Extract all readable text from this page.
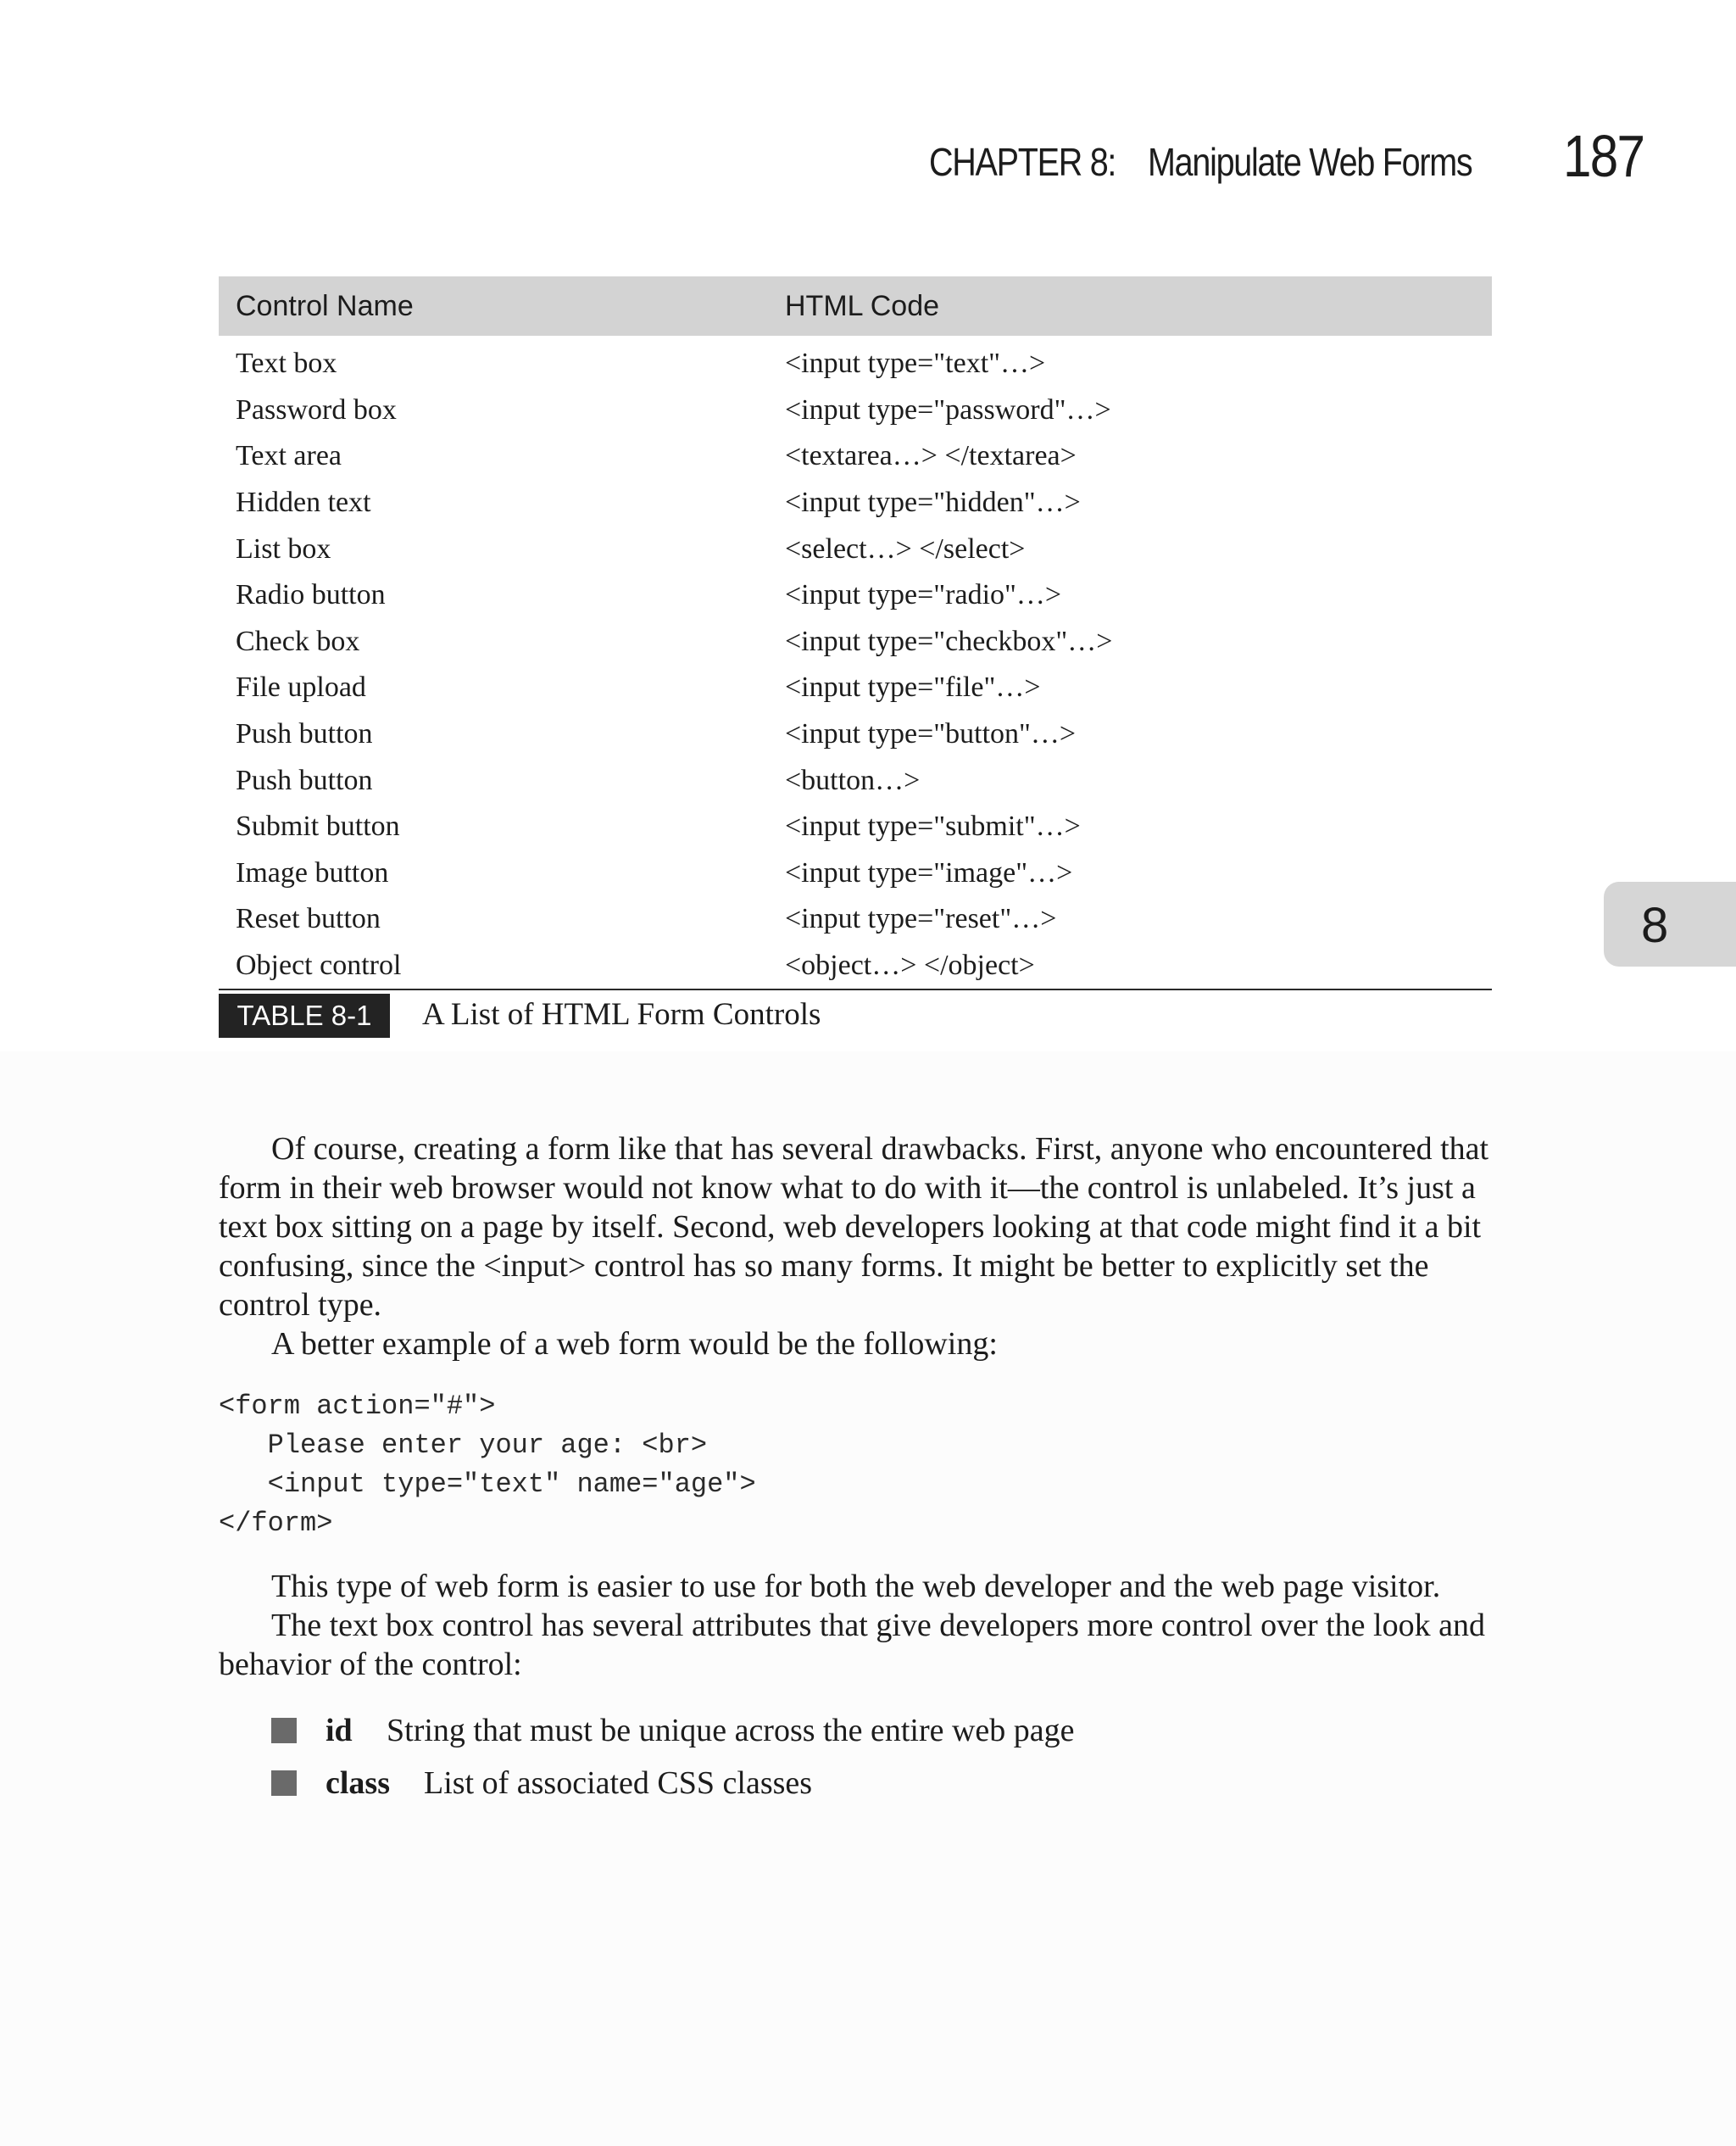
CHAPTER 8: Manipulate Web Forms 187
Control Name	HTML Code
Text box	<input type="text"…>
Password box	<input type="password"…>
Text area	<textarea…> </textarea>
Hidden text	<input type="hidden"…>
List box	<select…> </select>
Radio button	<input type="radio"…>
Check box	<input type="checkbox"…>
File upload	<input type="file"…>
Push button	<input type="button"…>
Push button	<button…>
Submit button	<input type="submit"…>
Image button	<input type="image"…>
Reset button	<input type="reset"…>
Object control	<object…> </object>
TABLE 8-1	A List of HTML Form Controls

Of course, creating a form like that has several drawbacks. First, anyone who encountered that form in their web browser would not know what to do with it—the control is unlabeled. It’s just a text box sitting on a page by itself. Second, web developers looking at that code might find it a bit confusing, since the <input> control has so many forms. It might be better to explicitly set the control type.

A better example of a web form would be the following:

<form action="#">
Please enter your age: <br>
<input type="text" name="age">
</form>

This type of web form is easier to use for both the web developer and the web page visitor.

The text box control has several attributes that give developers more control over the look and behavior of the control:

id String that must be unique across the entire web page
class List of associated CSS classes
8
